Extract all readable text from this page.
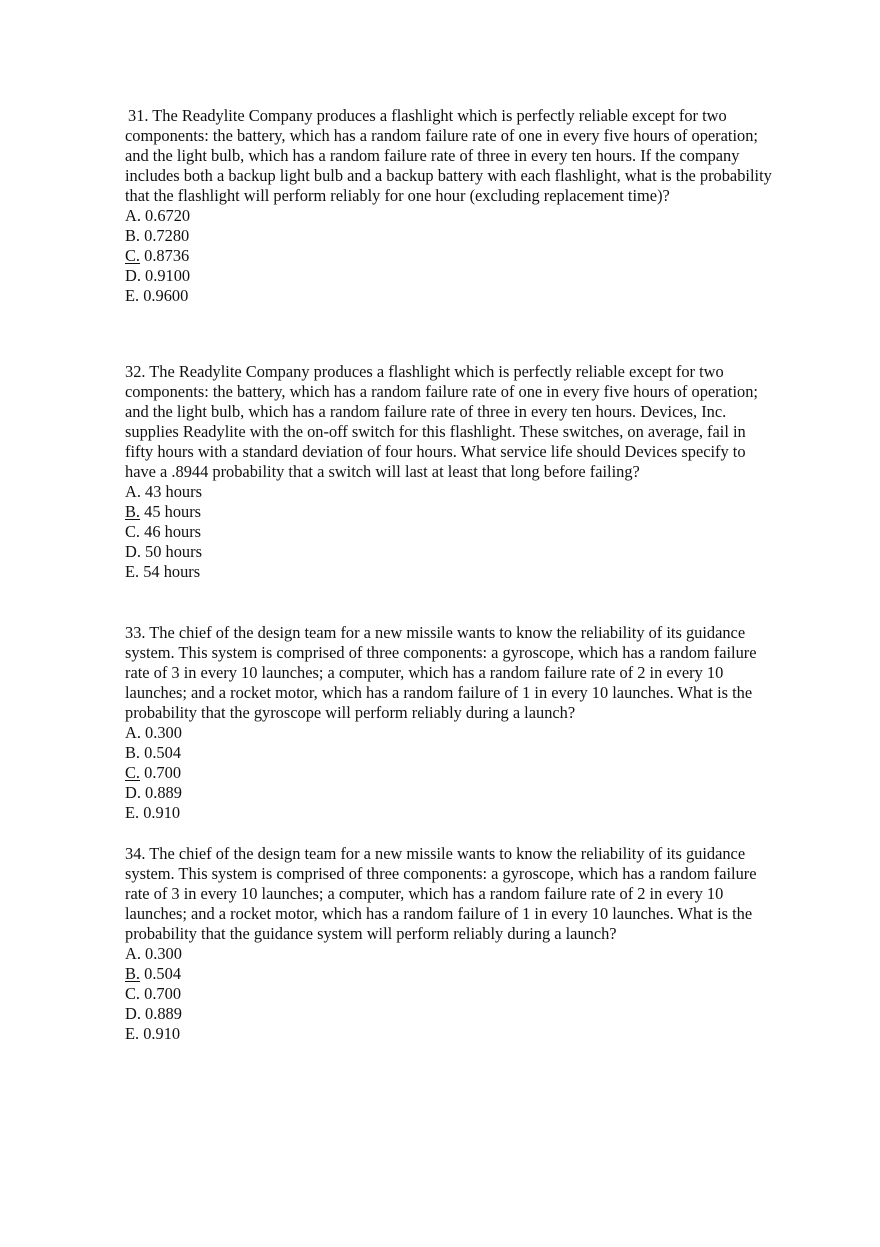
31. The Readylite Company produces a flashlight which is perfectly reliable except for two components: the battery, which has a random failure rate of one in every five hours of operation; and the light bulb, which has a random failure rate of three in every ten hours. If the company includes both a backup light bulb and a backup battery with each flashlight, what is the probability that the flashlight will perform reliably for one hour (excluding replacement time)?

A. 0.6720
B. 0.7280
C. 0.8736
D. 0.9100
E. 0.9600

32. The Readylite Company produces a flashlight which is perfectly reliable except for two components: the battery, which has a random failure rate of one in every five hours of operation; and the light bulb, which has a random failure rate of three in every ten hours. Devices, Inc. supplies Readylite with the on-off switch for this flashlight. These switches, on average, fail in fifty hours with a standard deviation of four hours. What service life should Devices specify to have a .8944 probability that a switch will last at least that long before failing?

A. 43 hours
B. 45 hours
C. 46 hours
D. 50 hours
E. 54 hours

33. The chief of the design team for a new missile wants to know the reliability of its guidance system. This system is comprised of three components: a gyroscope, which has a random failure rate of 3 in every 10 launches; a computer, which has a random failure rate of 2 in every 10 launches; and a rocket motor, which has a random failure of 1 in every 10 launches. What is the probability that the gyroscope will perform reliably during a launch?

A. 0.300
B. 0.504
C. 0.700
D. 0.889
E. 0.910

34. The chief of the design team for a new missile wants to know the reliability of its guidance system. This system is comprised of three components: a gyroscope, which has a random failure rate of 3 in every 10 launches; a computer, which has a random failure rate of 2 in every 10 launches; and a rocket motor, which has a random failure of 1 in every 10 launches. What is the probability that the guidance system will perform reliably during a launch?

A. 0.300
B. 0.504
C. 0.700
D. 0.889
E. 0.910
